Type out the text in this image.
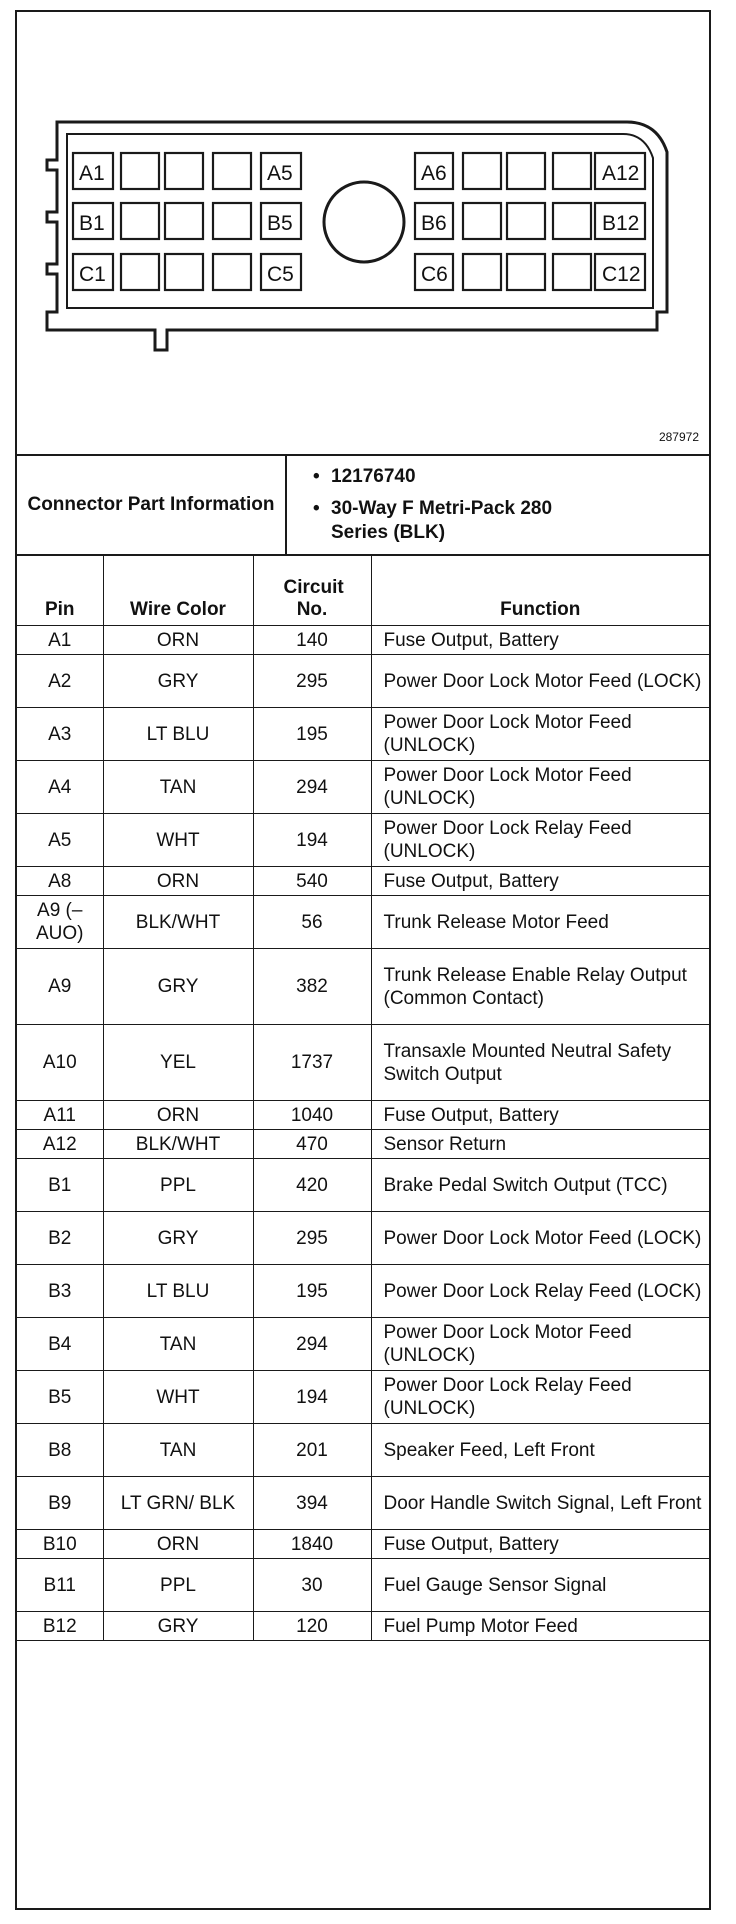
A1	A5	A6	A12
B1	B5	B6	B12
C1	C5	C6	C12
287972
Connector Part Information	
• 12176740
• 30-Way F Metri-Pack 280 Series (BLK)
Pin	Wire Color	Circuit No.	Function
A1	ORN	140	Fuse Output, Battery
A2	GRY	295	Power Door Lock Motor Feed (LOCK)
A3	LT BLU	195	Power Door Lock Motor Feed (UNLOCK)
A4	TAN	294	Power Door Lock Motor Feed (UNLOCK)
A5	WHT	194	Power Door Lock Relay Feed (UNLOCK)
A8	ORN	540	Fuse Output, Battery
A9 (–AUO)	BLK/WHT	56	Trunk Release Motor Feed
A9	GRY	382	Trunk Release Enable Relay Output (Common Contact)
A10	YEL	1737	Transaxle Mounted Neutral Safety Switch Output
A11	ORN	1040	Fuse Output, Battery
A12	BLK/WHT	470	Sensor Return
B1	PPL	420	Brake Pedal Switch Output (TCC)
B2	GRY	295	Power Door Lock Motor Feed (LOCK)
B3	LT BLU	195	Power Door Lock Relay Feed (LOCK)
B4	TAN	294	Power Door Lock Motor Feed (UNLOCK)
B5	WHT	194	Power Door Lock Relay Feed (UNLOCK)
B8	TAN	201	Speaker Feed, Left Front
B9	LT GRN/ BLK	394	Door Handle Switch Signal, Left Front
B10	ORN	1840	Fuse Output, Battery
B11	PPL	30	Fuel Gauge Sensor Signal
B12	GRY	120	Fuel Pump Motor Feed
